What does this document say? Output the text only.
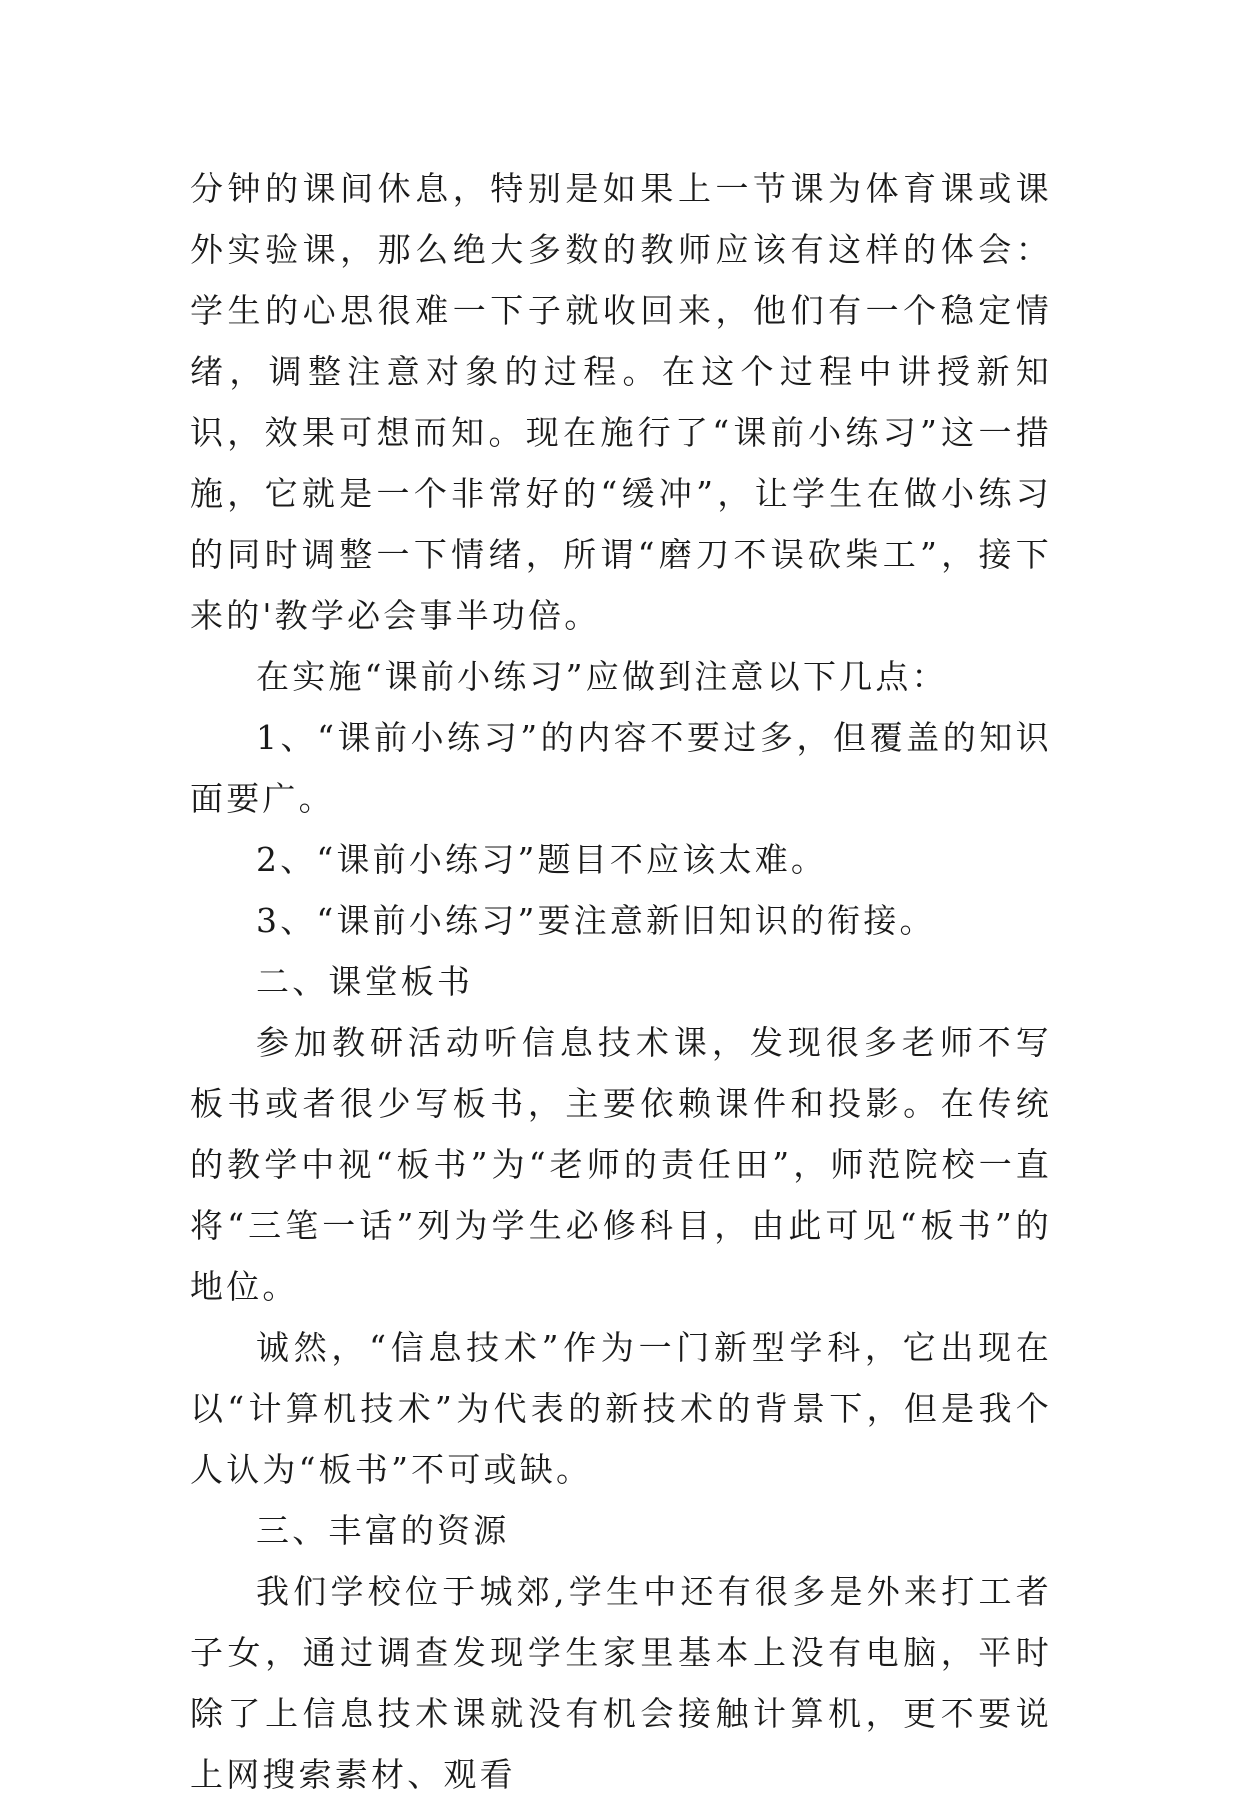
分钟的课间休息，特别是如果上一节课为体育课或课外实验课，那么绝大多数的教师应该有这样的体会：学生的心思很难一下子就收回来，他们有一个稳定情绪，调整注意对象的过程。在这个过程中讲授新知识，效果可想而知。现在施行了“课前小练习”这一措施，它就是一个非常好的“缓冲”，让学生在做小练习的同时调整一下情绪，所谓“磨刀不误砍柴工”，接下来的'教学必会事半功倍。

在实施“课前小练习”应做到注意以下几点：

1、“课前小练习”的内容不要过多，但覆盖的知识面要广。

2、“课前小练习”题目不应该太难。

3、“课前小练习”要注意新旧知识的衔接。

二、课堂板书

参加教研活动听信息技术课，发现很多老师不写板书或者很少写板书，主要依赖课件和投影。在传统的教学中视“板书”为“老师的责任田”，师范院校一直将“三笔一话”列为学生必修科目，由此可见“板书”的地位。

诚然，“信息技术”作为一门新型学科，它出现在以“计算机技术”为代表的新技术的背景下，但是我个人认为“板书”不可或缺。

三、丰富的资源

我们学校位于城郊,学生中还有很多是外来打工者子女，通过调查发现学生家里基本上没有电脑，平时除了上信息技术课就没有机会接触计算机，更不要说上网搜索素材、观看
